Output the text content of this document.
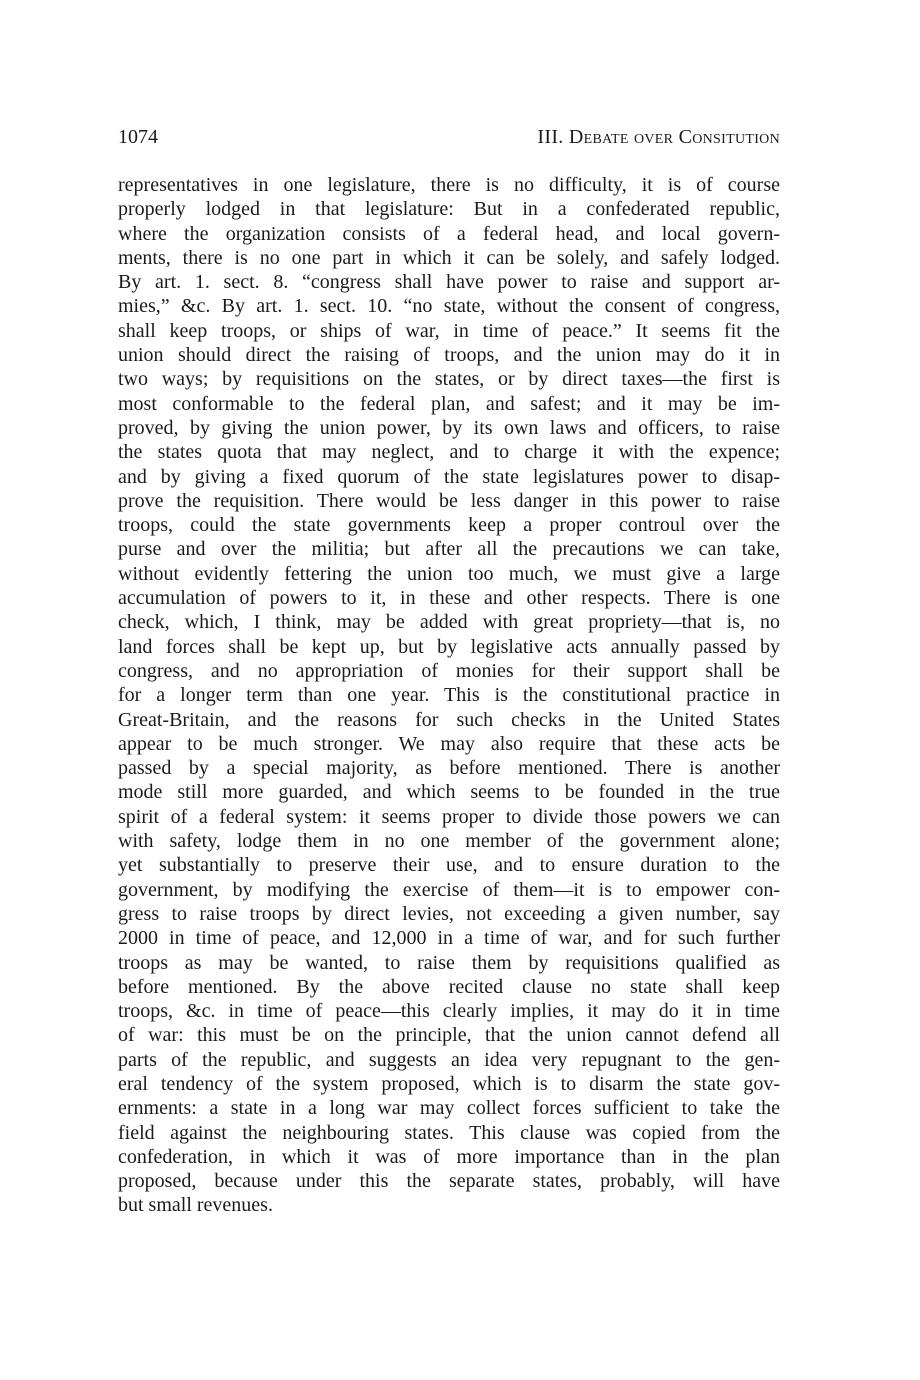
1074	III. Debate over Consitution
representatives in one legislature, there is no difficulty, it is of course
properly lodged in that legislature: But in a confederated republic,
where the organization consists of a federal head, and local govern-
ments, there is no one part in which it can be solely, and safely lodged.
By art. 1. sect. 8. “congress shall have power to raise and support ar-
mies,” &c. By art. 1. sect. 10. “no state, without the consent of congress,
shall keep troops, or ships of war, in time of peace.” It seems fit the
union should direct the raising of troops, and the union may do it in
two ways; by requisitions on the states, or by direct taxes—the first is
most conformable to the federal plan, and safest; and it may be im-
proved, by giving the union power, by its own laws and officers, to raise
the states quota that may neglect, and to charge it with the expence;
and by giving a fixed quorum of the state legislatures power to disap-
prove the requisition. There would be less danger in this power to raise
troops, could the state governments keep a proper controul over the
purse and over the militia; but after all the precautions we can take,
without evidently fettering the union too much, we must give a large
accumulation of powers to it, in these and other respects. There is one
check, which, I think, may be added with great propriety—that is, no
land forces shall be kept up, but by legislative acts annually passed by
congress, and no appropriation of monies for their support shall be
for a longer term than one year. This is the constitutional practice in
Great-Britain, and the reasons for such checks in the United States
appear to be much stronger. We may also require that these acts be
passed by a special majority, as before mentioned. There is another
mode still more guarded, and which seems to be founded in the true
spirit of a federal system: it seems proper to divide those powers we can
with safety, lodge them in no one member of the government alone;
yet substantially to preserve their use, and to ensure duration to the
government, by modifying the exercise of them—it is to empower con-
gress to raise troops by direct levies, not exceeding a given number, say
2000 in time of peace, and 12,000 in a time of war, and for such further
troops as may be wanted, to raise them by requisitions qualified as
before mentioned. By the above recited clause no state shall keep
troops, &c. in time of peace—this clearly implies, it may do it in time
of war: this must be on the principle, that the union cannot defend all
parts of the republic, and suggests an idea very repugnant to the gen-
eral tendency of the system proposed, which is to disarm the state gov-
ernments: a state in a long war may collect forces sufficient to take the
field against the neighbouring states. This clause was copied from the
confederation, in which it was of more importance than in the plan
proposed, because under this the separate states, probably, will have
but small revenues.
